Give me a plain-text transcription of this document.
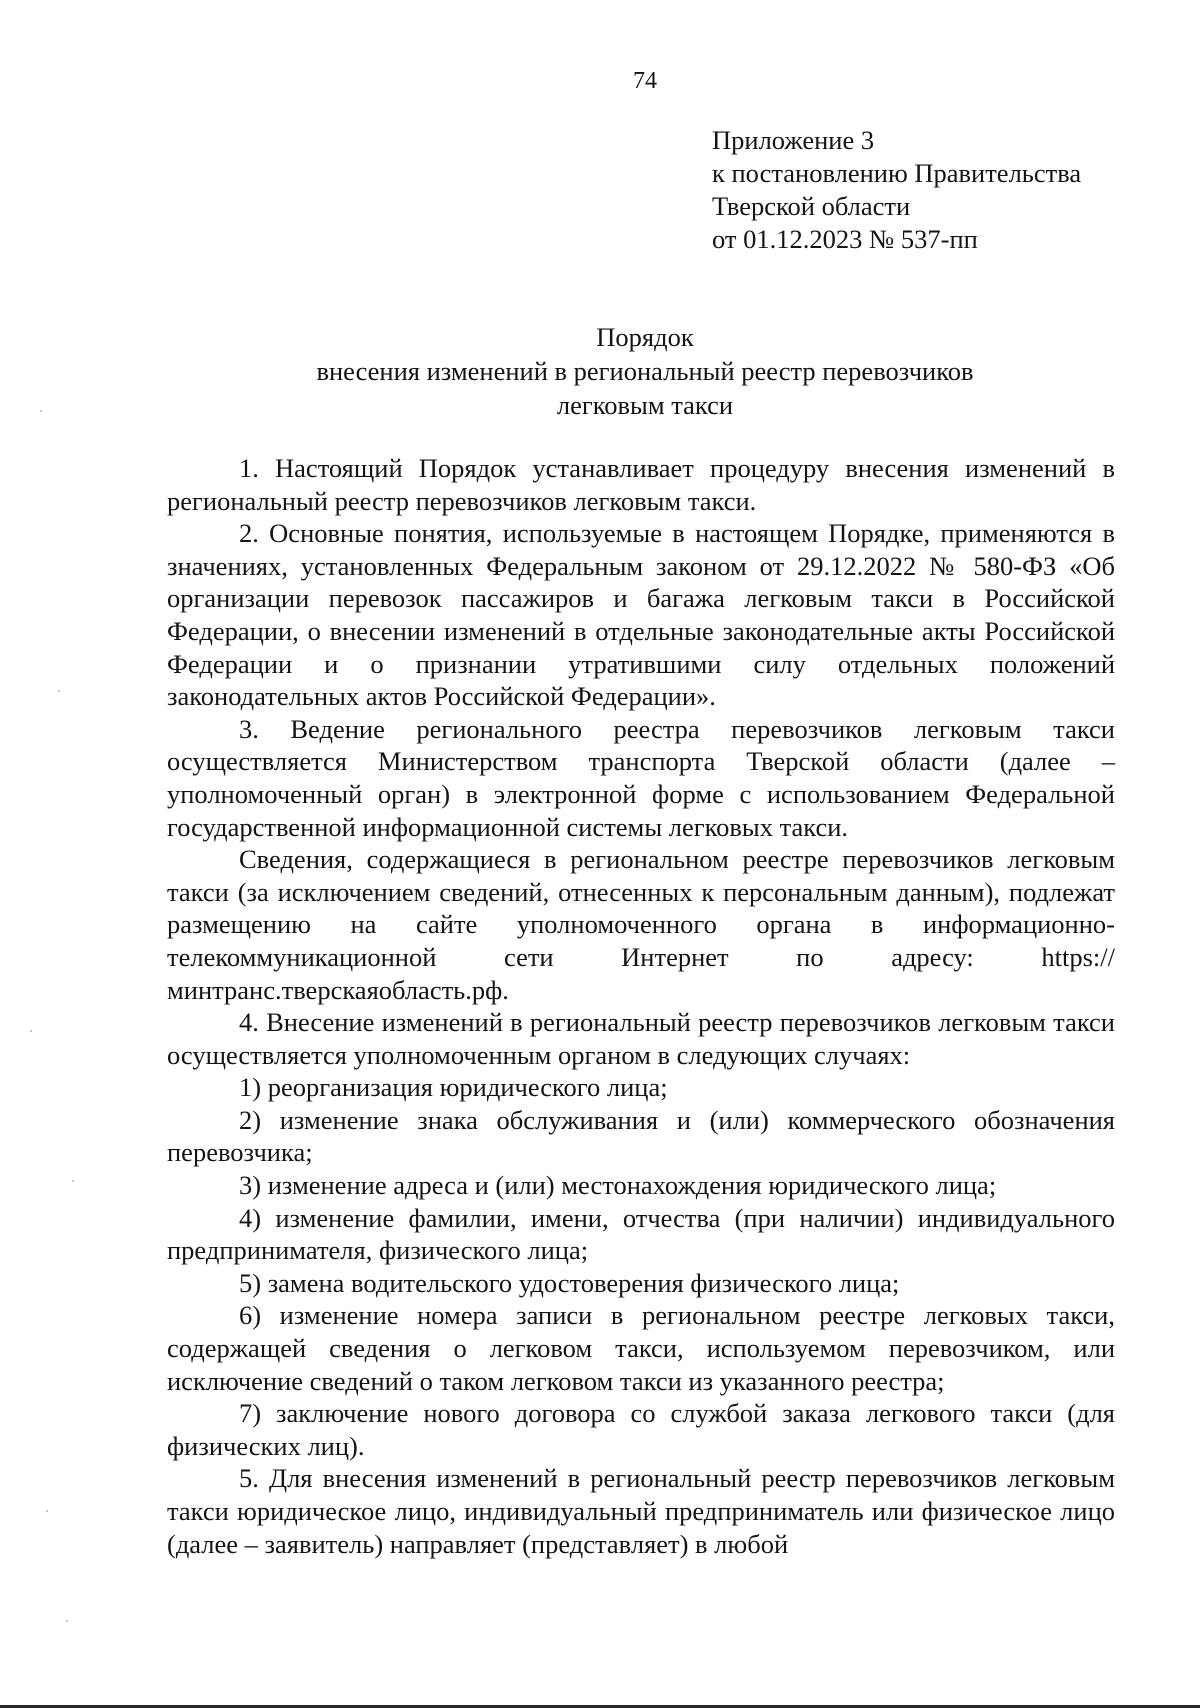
74

Приложение 3
к постановлению Правительства
Тверской области
от 01.12.2023 № 537-пп
Порядок
внесения изменений в региональный реестр перевозчиков
легковым такси

1. Настоящий Порядок устанавливает процедуру внесения изменений в региональный реестр перевозчиков легковым такси.

2. Основные понятия, используемые в настоящем Порядке, применяются в значениях, установленных Федеральным законом от 29.12.2022 № 580-ФЗ «Об организации перевозок пассажиров и багажа легковым такси в Российской Федерации, о внесении изменений в отдельные законодательные акты Российской Федерации и о признании утратившими силу отдельных положений законодательных актов Российской Федерации».

3. Ведение регионального реестра перевозчиков легковым такси осуществляется Министерством транспорта Тверской области (далее – уполномоченный орган) в электронной форме с использованием Федеральной государственной информационной системы легковых такси.

Сведения, содержащиеся в региональном реестре перевозчиков легковым такси (за исключением сведений, отнесенных к персональным данным), подлежат размещению на сайте уполномоченного органа в информационно-телекоммуникационной сети Интернет по адресу: https://минтранс.тверскаяобласть.рф.

4. Внесение изменений в региональный реестр перевозчиков легковым такси осуществляется уполномоченным органом в следующих случаях:

1) реорганизация юридического лица;

2) изменение знака обслуживания и (или) коммерческого обозначения перевозчика;

3) изменение адреса и (или) местонахождения юридического лица;

4) изменение фамилии, имени, отчества (при наличии) индивидуального предпринимателя, физического лица;

5) замена водительского удостоверения физического лица;

6) изменение номера записи в региональном реестре легковых такси, содержащей сведения о легковом такси, используемом перевозчиком, или исключение сведений о таком легковом такси из указанного реестра;

7) заключение нового договора со службой заказа легкового такси (для физических лиц).

5. Для внесения изменений в региональный реестр перевозчиков легковым такси юридическое лицо, индивидуальный предприниматель или физическое лицо (далее – заявитель) направляет (представляет) в любой
